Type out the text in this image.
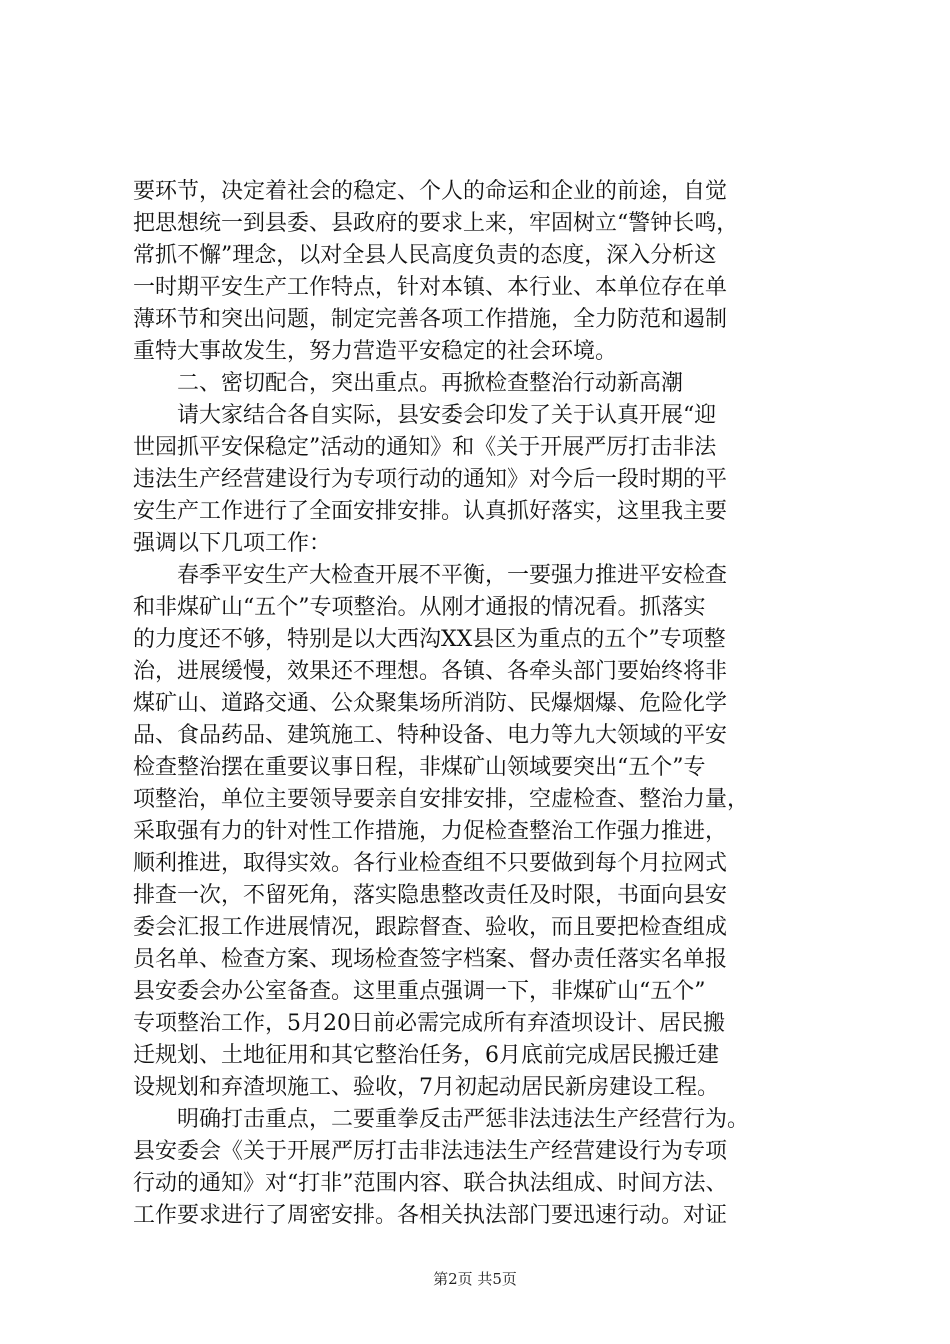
要环节，决定着社会的稳定、个人的命运和企业的前途，自觉
把思想统一到县委、县政府的要求上来，牢固树立“警钟长鸣，
常抓不懈”理念，以对全县人民高度负责的态度，深入分析这
一时期平安生产工作特点，针对本镇、本行业、本单位存在单
薄环节和突出问题，制定完善各项工作措施，全力防范和遏制
重特大事故发生，努力营造平安稳定的社会环境。
二、密切配合，突出重点。再掀检查整治行动新高潮
请大家结合各自实际，县安委会印发了关于认真开展“迎
世园抓平安保稳定”活动的通知》和《关于开展严厉打击非法
违法生产经营建设行为专项行动的通知》对今后一段时期的平
安生产工作进行了全面安排安排。认真抓好落实，这里我主要
强调以下几项工作：
春季平安生产大检查开展不平衡，一要强力推进平安检查
和非煤矿山“五个”专项整治。从刚才通报的情况看。抓落实
的力度还不够，特别是以大西沟XX县区为重点的五个”专项整
治，进展缓慢，效果还不理想。各镇、各牵头部门要始终将非
煤矿山、道路交通、公众聚集场所消防、民爆烟爆、危险化学
品、食品药品、建筑施工、特种设备、电力等九大领域的平安
检查整治摆在重要议事日程，非煤矿山领域要突出“五个”专
项整治，单位主要领导要亲自安排安排，空虚检查、整治力量，
采取强有力的针对性工作措施，力促检查整治工作强力推进，
顺利推进，取得实效。各行业检查组不只要做到每个月拉网式
排查一次，不留死角，落实隐患整改责任及时限，书面向县安
委会汇报工作进展情况，跟踪督查、验收，而且要把检查组成
员名单、检查方案、现场检查签字档案、督办责任落实名单报
县安委会办公室备查。这里重点强调一下，非煤矿山“五个”
专项整治工作，5月20日前必需完成所有弃渣坝设计、居民搬
迁规划、土地征用和其它整治任务，6月底前完成居民搬迁建
设规划和弃渣坝施工、验收，7月初起动居民新房建设工程。
明确打击重点，二要重拳反击严惩非法违法生产经营行为。
县安委会《关于开展严厉打击非法违法生产经营建设行为专项
行动的通知》对“打非”范围内容、联合执法组成、时间方法、
工作要求进行了周密安排。各相关执法部门要迅速行动。对证
第2页 共5页
